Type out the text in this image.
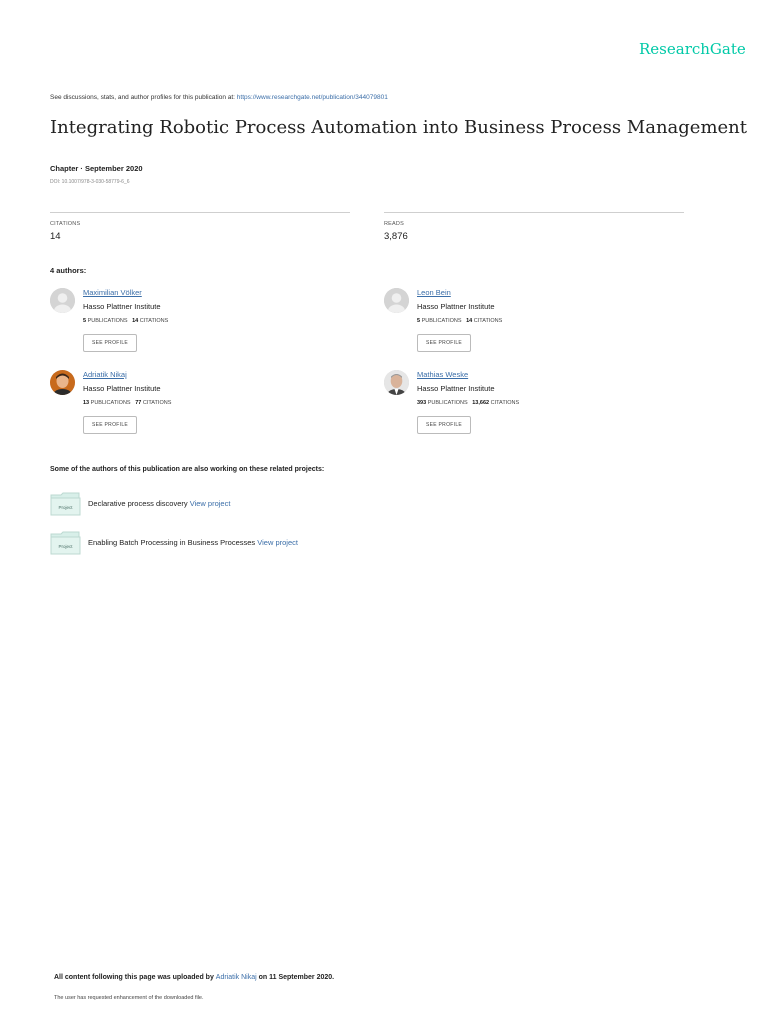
ResearchGate
See discussions, stats, and author profiles for this publication at: https://www.researchgate.net/publication/344079801
Integrating Robotic Process Automation into Business Process Management
Chapter · September 2020
DOI: 10.1007/978-3-030-58779-6_6
CITATIONS
14
READS
3,876
4 authors:
Maximilian Völker
Hasso Plattner Institute
5 PUBLICATIONS 14 CITATIONS
SEE PROFILE
Leon Bein
Hasso Plattner Institute
5 PUBLICATIONS 14 CITATIONS
SEE PROFILE
Adriatik Nikaj
Hasso Plattner Institute
13 PUBLICATIONS 77 CITATIONS
SEE PROFILE
Mathias Weske
Hasso Plattner Institute
393 PUBLICATIONS 13,662 CITATIONS
SEE PROFILE
Some of the authors of this publication are also working on these related projects:
Project Declarative process discovery View project
Project Enabling Batch Processing in Business Processes View project
All content following this page was uploaded by Adriatik Nikaj on 11 September 2020.
The user has requested enhancement of the downloaded file.
